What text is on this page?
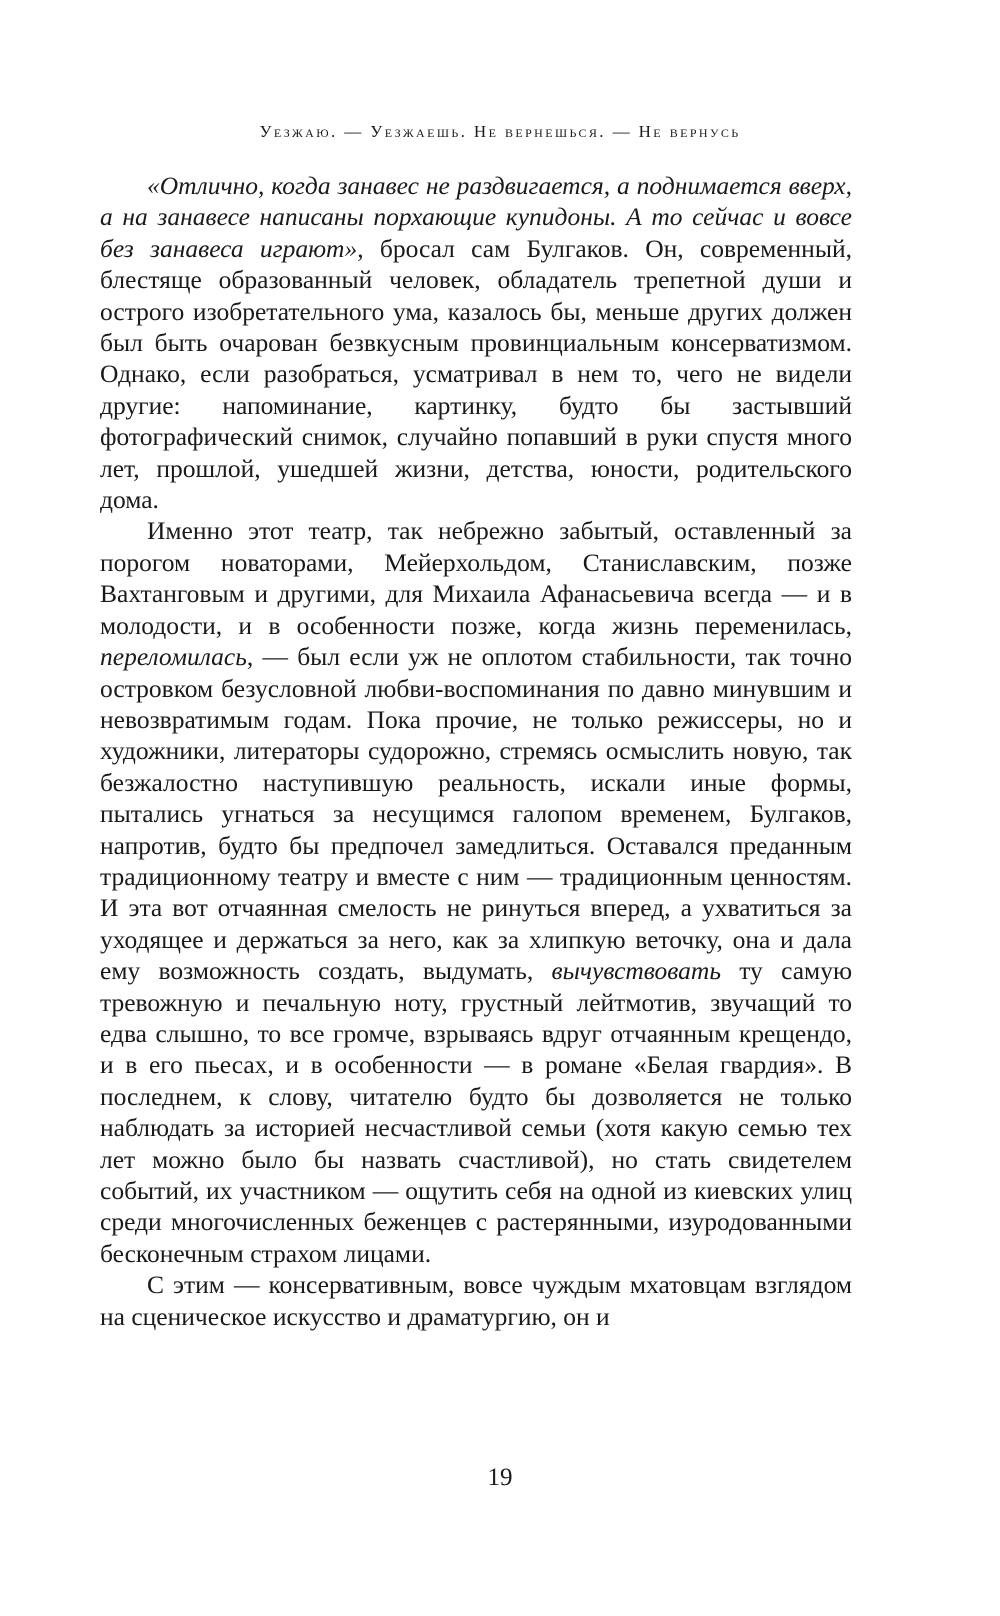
Уезжаю. — Уезжаешь. Не вернешься. — Не вернусь

«Отлично, когда занавес не раздвигается, а поднимается вверх, а на занавесе написаны порхающие купидоны. А то сейчас и вовсе без занавеса играют», бросал сам Булгаков. Он, современный, блестяще образованный человек, обладатель трепетной души и острого изобретательного ума, казалось бы, меньше других должен был быть очарован безвкусным провинциальным консерватизмом. Однако, если разобраться, усматривал в нем то, чего не видели другие: напоминание, картинку, будто бы застывший фотографический снимок, случайно попавший в руки спустя много лет, прошлой, ушедшей жизни, детства, юности, родительского дома.

Именно этот театр, так небрежно забытый, оставленный за порогом новаторами, Мейерхольдом, Станиславским, позже Вахтанговым и другими, для Михаила Афанасьевича всегда — и в молодости, и в особенности позже, когда жизнь переменилась, переломилась, — был если уж не оплотом стабильности, так точно островком безусловной любви-воспоминания по давно минувшим и невозвратимым годам. Пока прочие, не только режиссеры, но и художники, литераторы судорожно, стремясь осмыслить новую, так безжалостно наступившую реальность, искали иные формы, пытались угнаться за несущимся галопом временем, Булгаков, напротив, будто бы предпочел замедлиться. Оставался преданным традиционному театру и вместе с ним — традиционным ценностям. И эта вот отчаянная смелость не ринуться вперед, а ухватиться за уходящее и держаться за него, как за хлипкую веточку, она и дала ему возможность создать, выдумать, вычувствовать ту самую тревожную и печальную ноту, грустный лейтмотив, звучащий то едва слышно, то все громче, взрываясь вдруг отчаянным крещендо, и в его пьесах, и в особенности — в романе «Белая гвардия». В последнем, к слову, читателю будто бы дозволяется не только наблюдать за историей несчастливой семьи (хотя какую семью тех лет можно было бы назвать счастливой), но стать свидетелем событий, их участником — ощутить себя на одной из киевских улиц среди многочисленных беженцев с растерянными, изуродованными бесконечным страхом лицами.

С этим — консервативным, вовсе чуждым мхатовцам взглядом на сценическое искусство и драматургию, он и

19
